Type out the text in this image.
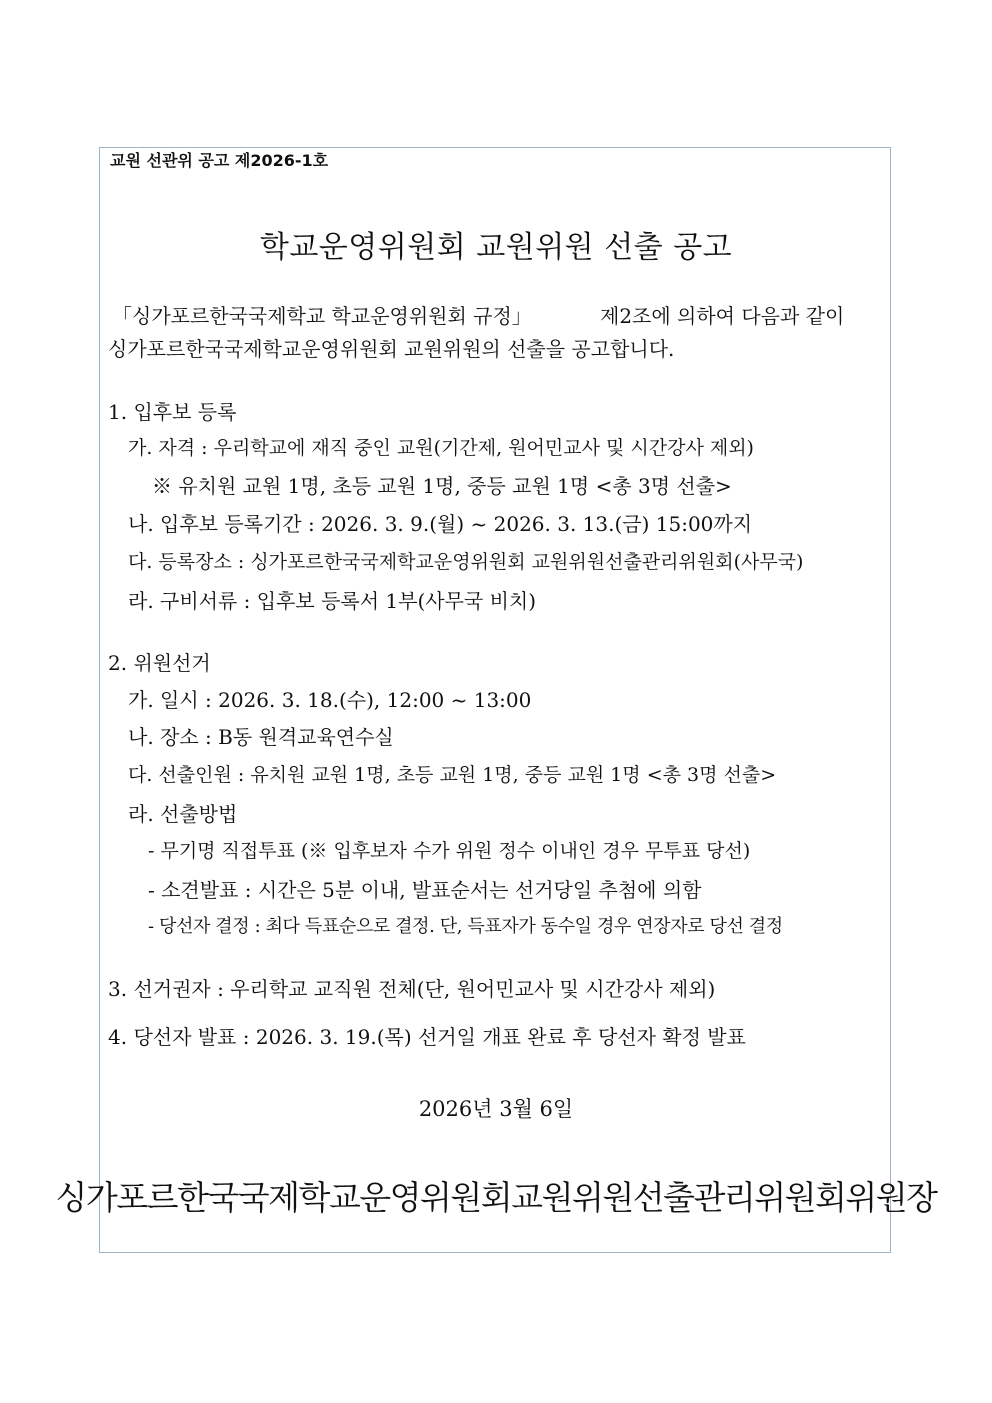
교원 선관위 공고 제2026-1호
학교운영위원회 교원위원 선출 공고
「싱가포르한국국제학교 학교운영위원회 규정」	제2조에 의하여 다음과 같이
싱가포르한국국제학교운영위원회 교원위원의 선출을 공고합니다.
1. 입후보 등록
가. 자격 : 우리학교에 재직 중인 교원(기간제, 원어민교사 및 시간강사 제외)
※ 유치원 교원 1명, 초등 교원 1명, 중등 교원 1명 <총 3명 선출>
나. 입후보 등록기간 : 2026. 3. 9.(월) ~ 2026. 3. 13.(금) 15:00까지
다. 등록장소 : 싱가포르한국국제학교운영위원회 교원위원선출관리위원회(사무국)
라. 구비서류 : 입후보 등록서 1부(사무국 비치)
2. 위원선거
가. 일시 : 2026. 3. 18.(수), 12:00 ~ 13:00
나. 장소 : B동 원격교육연수실
다. 선출인원 : 유치원 교원 1명, 초등 교원 1명, 중등 교원 1명 <총 3명 선출>
라. 선출방법
- 무기명 직접투표 (※ 입후보자 수가 위원 정수 이내인 경우 무투표 당선)
- 소견발표 : 시간은 5분 이내, 발표순서는 선거당일 추첨에 의함
- 당선자 결정 : 최다 득표순으로 결정. 단, 득표자가 동수일 경우 연장자로 당선 결정
3. 선거권자 : 우리학교 교직원 전체(단, 원어민교사 및 시간강사 제외)
4. 당선자 발표 : 2026. 3. 19.(목) 선거일 개표 완료 후 당선자 확정 발표
2026년 3월 6일
싱가포르한국국제학교운영위원회교원위원선출관리위원회위원장
